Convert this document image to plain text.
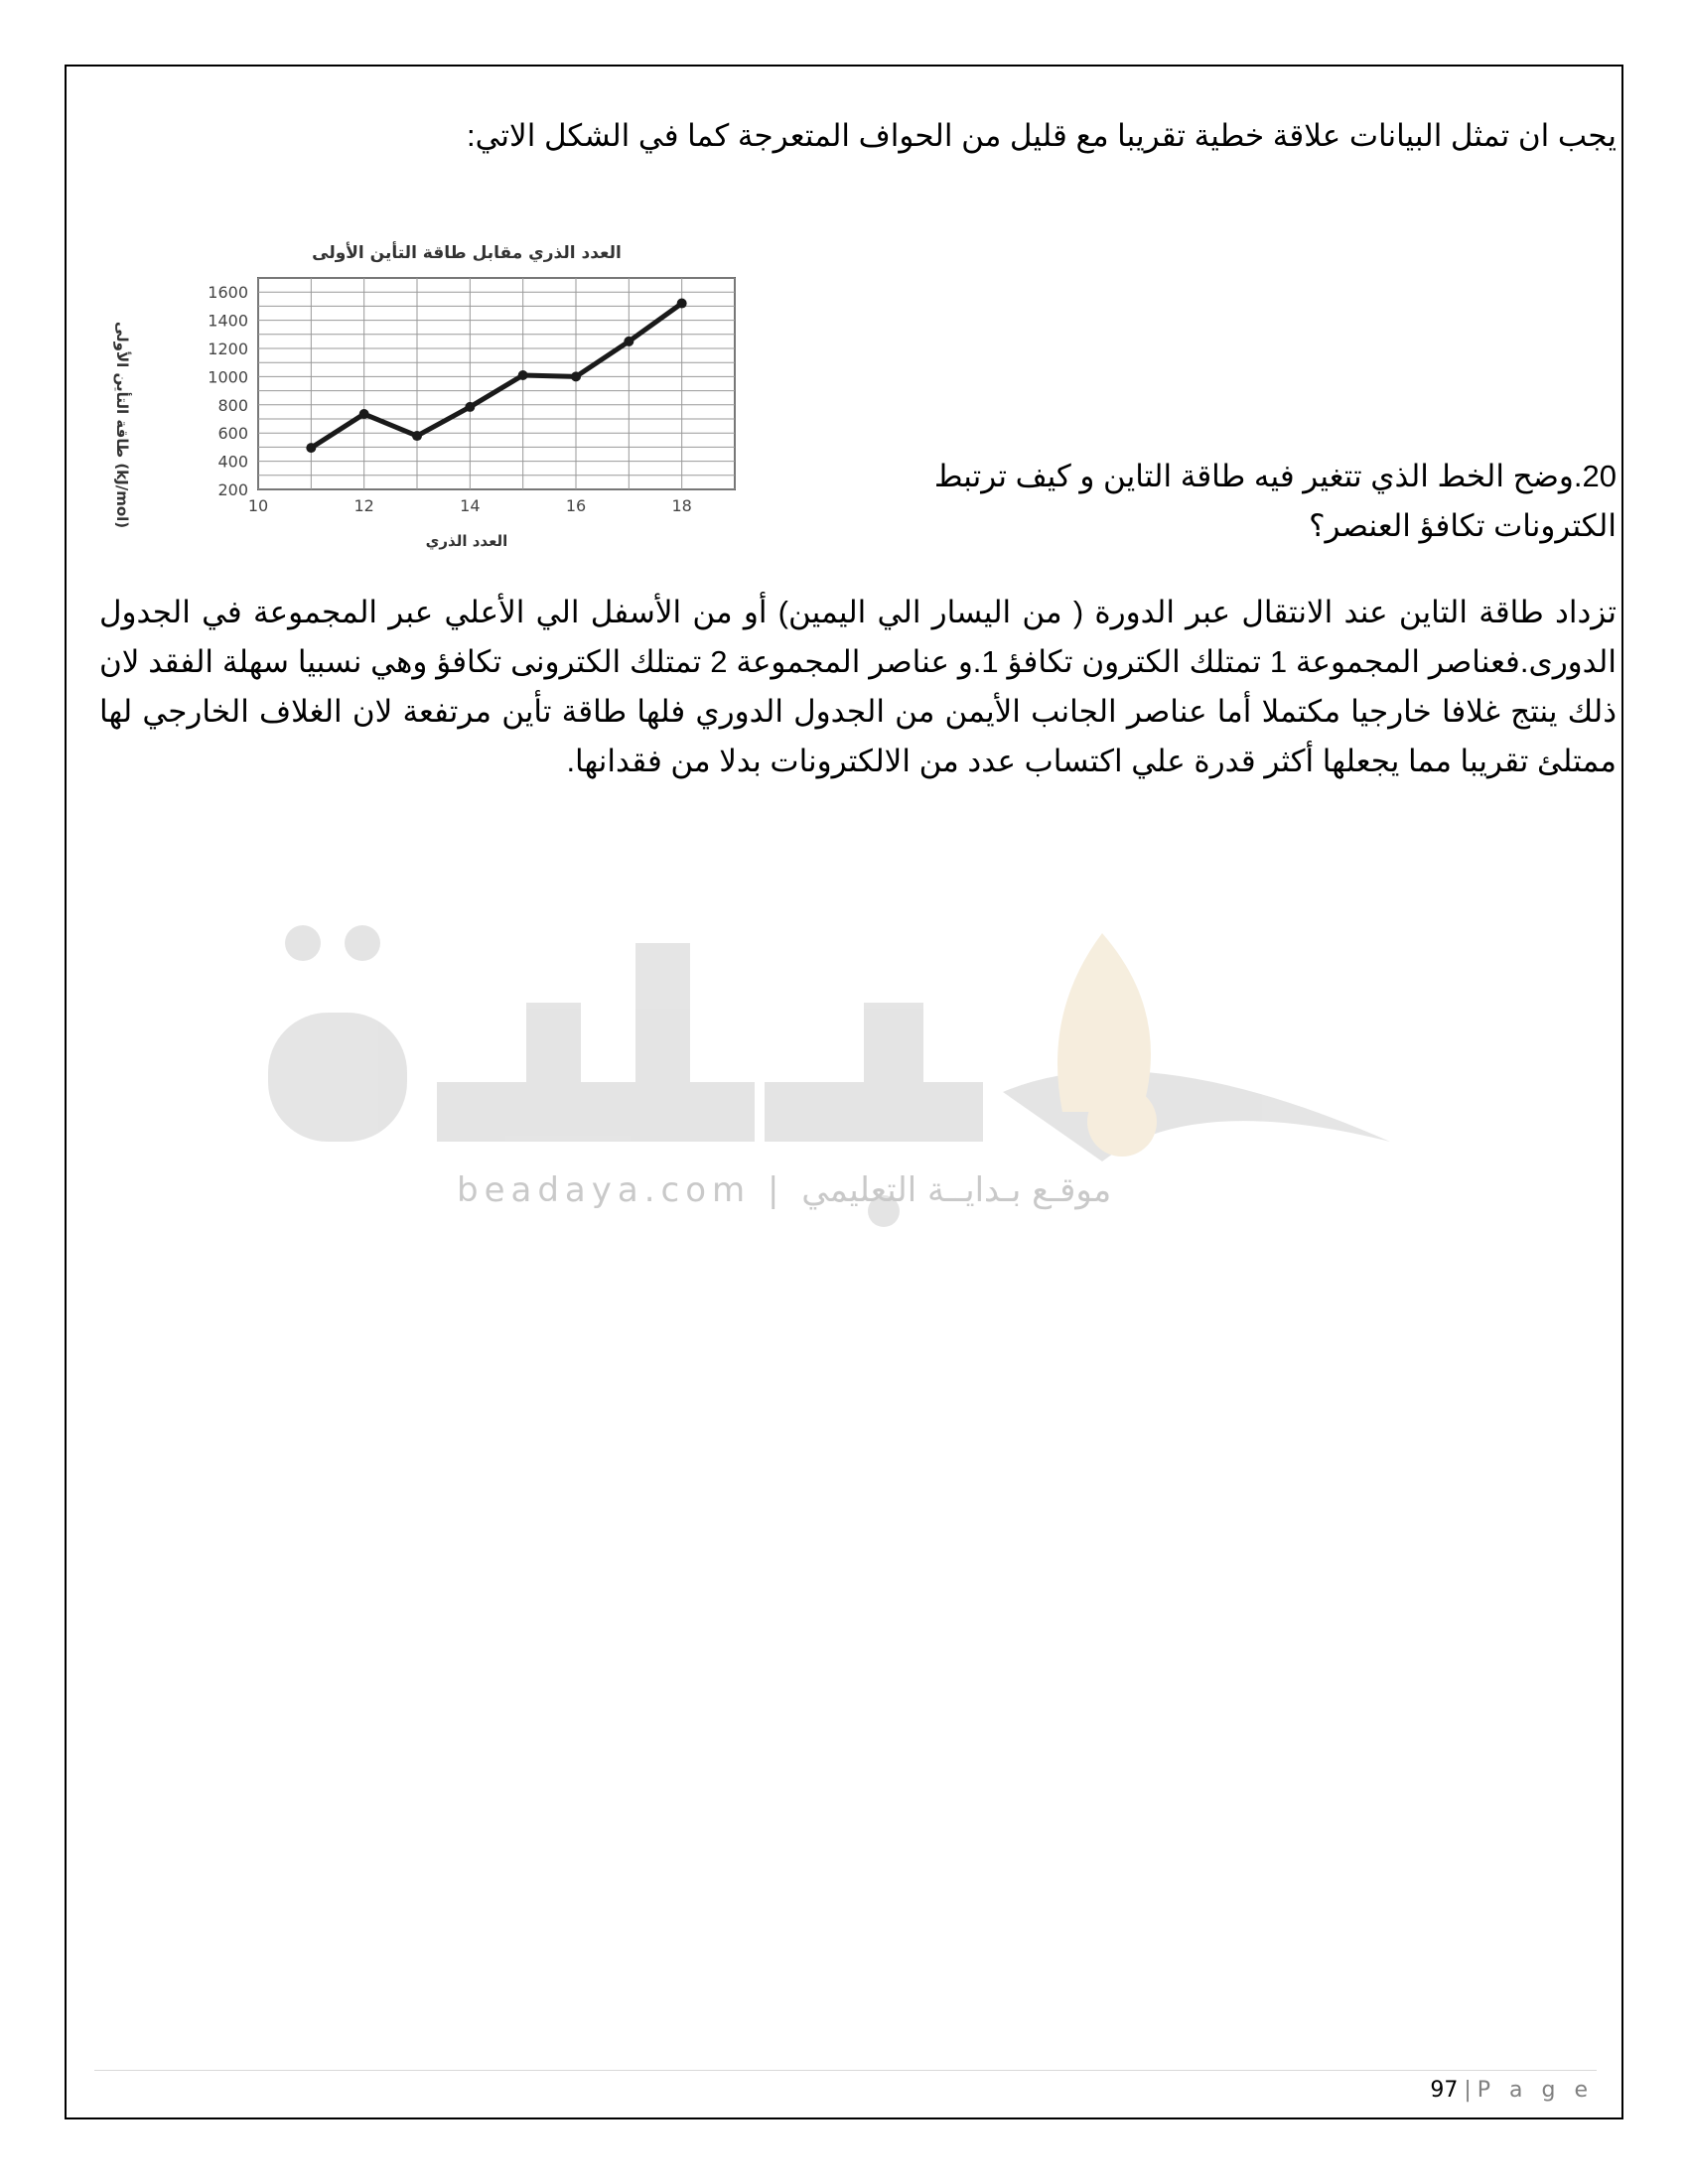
يجب ان تمثل البيانات علاقة خطية تقريبا مع قليل من الحواف المتعرجة كما في الشكل الاتي:
العدد الذري مقابل طاقة التأين الأولى
200
400
600
800
1000
1200
1400
1600
10	12	14	16	18
طاقة التأين الأولى (kJ/mol)
العدد الذري
20.وضح الخط الذي تتغير فيه طاقة التاين و كيف ترتبط
الكترونات تكافؤ العنصر؟
تزداد طاقة التاين عند الانتقال عبر الدورة ( من اليسار الي اليمين) أو من الأسفل الي الأعلي عبر المجموعة في الجدول الدورى.فعناصر المجموعة 1 تمتلك الكترون تكافؤ 1.و عناصر المجموعة 2 تمتلك الكترونى تكافؤ وهي نسبيا سهلة الفقد لان ذلك ينتج غلافا خارجيا مكتملا أما عناصر الجانب الأيمن من الجدول الدوري فلها طاقة تأين مرتفعة لان الغلاف الخارجي لها ممتلئ تقريبا مما يجعلها أكثر قدرة علي اكتساب عدد من الالكترونات بدلا من فقدانها.
beadaya.com | موقـع بـدايــة التعليمي
97 | P a g e
